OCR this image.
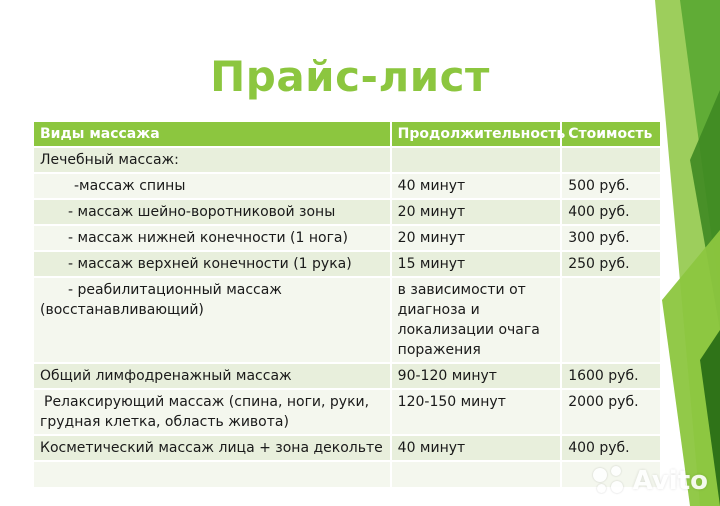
Прайс-лист
Виды массажа	Продолжительность	Стоимость
Лечебный массаж:		
-массаж спины	40 минут	500 руб.
- массаж шейно-воротниковой зоны	20 минут	400 руб.
- массаж нижней конечности (1 нога)	20 минут	300 руб.
- массаж верхней конечности (1 рука)	15 минут	250 руб.
- реабилитационный массаж (восстанавливающий)	в зависимости от диагноза и локализации очага поражения	
Общий лимфодренажный массаж	90-120 минут	1600 руб.
Релаксирующий массаж (спина, ноги, руки, грудная клетка, область живота)	120-150 минут	2000 руб.
Косметический массаж лица + зона декольте	40 минут	400 руб.

Avito
